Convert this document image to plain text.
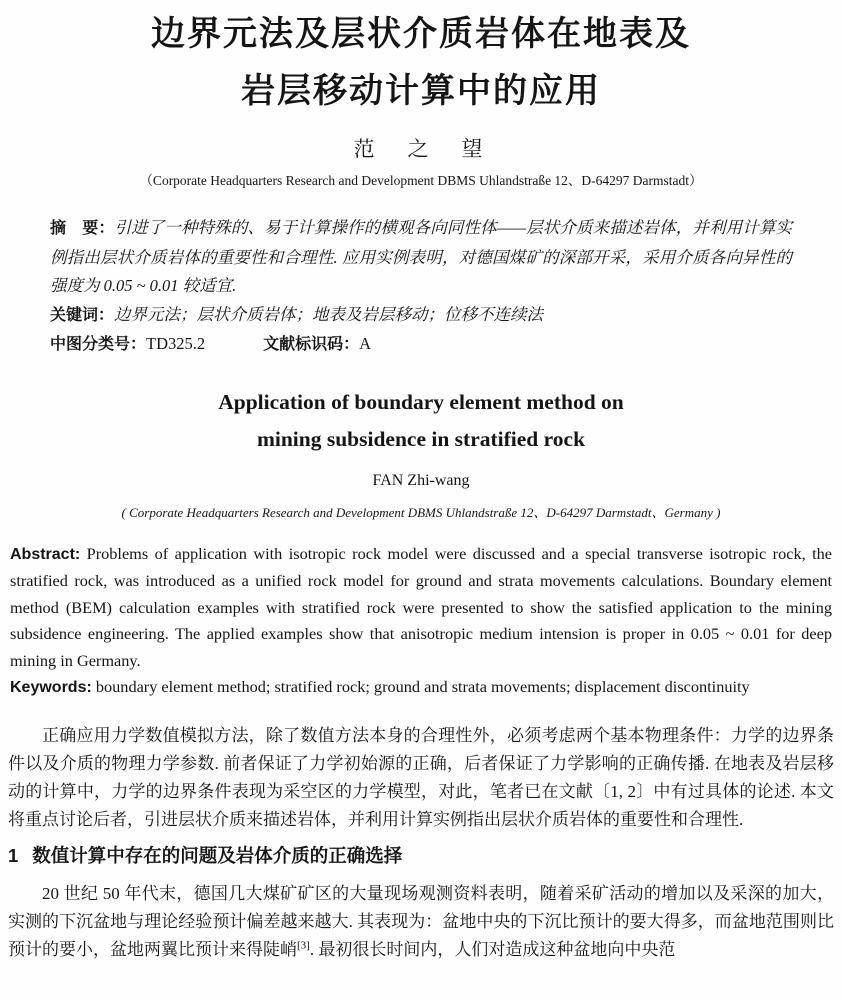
边界元法及层状介质岩体在地表及
岩层移动计算中的应用
范　之　望
（Corporate Headquarters Research and Development DBMS Uhlandstraße 12、D-64297 Darmstadt）

摘　要：引进了一种特殊的、易于计算操作的横观各向同性体——层状介质来描述岩体，并利用计算实例指出层状介质岩体的重要性和合理性. 应用实例表明，对德国煤矿的深部开采，采用介质各向异性的强度为 0.05 ~ 0.01 较适宜.

关键词：边界元法；层状介质岩体；地表及岩层移动；位移不连续法

中图分类号：TD325.2	文献标识码：A

Application of boundary element method on
mining subsidence in stratified rock
FAN Zhi-wang
( Corporate Headquarters Research and Development DBMS Uhlandstraße 12、D-64297 Darmstadt、Germany )

Abstract: Problems of application with isotropic rock model were discussed and a special transverse isotropic rock, the stratified rock, was introduced as a unified rock model for ground and strata movements calculations. Boundary element method (BEM) calculation examples with stratified rock were presented to show the satisfied application to the mining subsidence engineering. The applied examples show that anisotropic medium intension is proper in 0.05 ~ 0.01 for deep mining in Germany.

Keywords: boundary element method; stratified rock; ground and strata movements; displacement discontinuity

正确应用力学数值模拟方法，除了数值方法本身的合理性外，必须考虑两个基本物理条件：力学的边界条件以及介质的物理力学参数. 前者保证了力学初始源的正确，后者保证了力学影响的正确传播. 在地表及岩层移动的计算中，力学的边界条件表现为采空区的力学模型，对此，笔者已在文献〔1, 2〕中有过具体的论述. 本文将重点讨论后者，引进层状介质来描述岩体，并利用计算实例指出层状介质岩体的重要性和合理性.

1 数值计算中存在的问题及岩体介质的正确选择

20 世纪 50 年代末，德国几大煤矿矿区的大量现场观测资料表明，随着采矿活动的增加以及采深的加大，实测的下沉盆地与理论经验预计偏差越来越大. 其表现为：盆地中央的下沉比预计的要大得多，而盆地范围则比预计的要小，盆地两翼比预计来得陡峭[3]. 最初很长时间内，人们对造成这种盆地向中央范
